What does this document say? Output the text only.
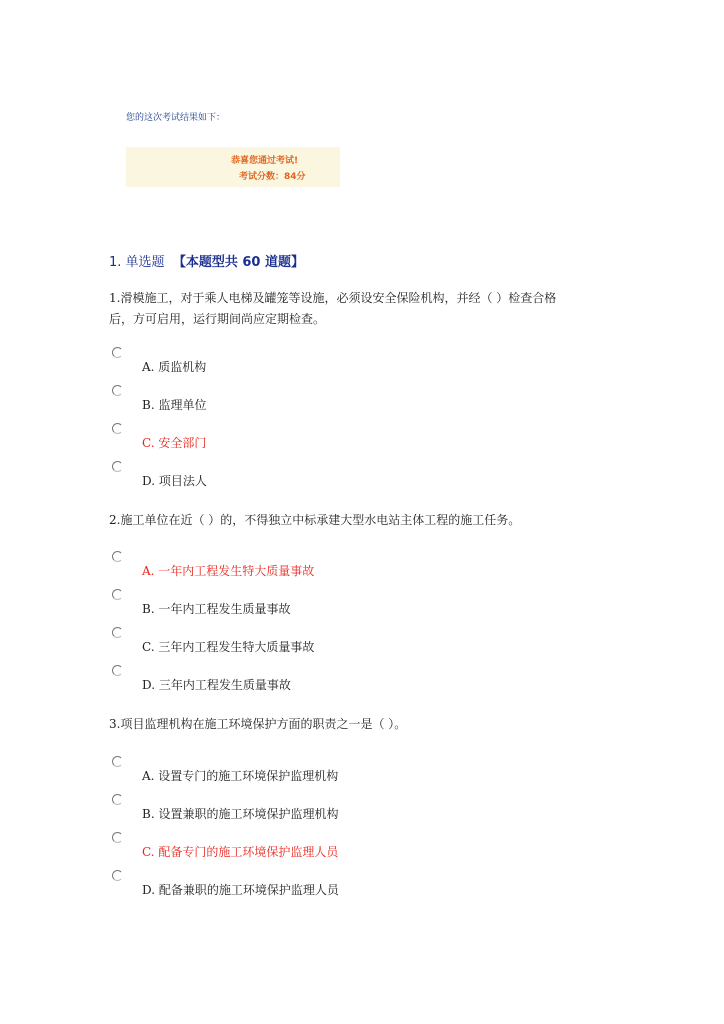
您的这次考试结果如下：
恭喜您通过考试!
考试分数：84分
1. 单选题 【本题型共 60 道题】
1.滑模施工，对于乘人电梯及罐笼等设施，必须设安全保险机构，并经（ ）检查合格
后，方可启用，运行期间尚应定期检查。
A. 质监机构
B. 监理单位
C. 安全部门
D. 项目法人
2.施工单位在近（ ）的，不得独立中标承建大型水电站主体工程的施工任务。
A. 一年内工程发生特大质量事故
B. 一年内工程发生质量事故
C. 三年内工程发生特大质量事故
D. 三年内工程发生质量事故
3.项目监理机构在施工环境保护方面的职责之一是（ ）。
A. 设置专门的施工环境保护监理机构
B. 设置兼职的施工环境保护监理机构
C. 配备专门的施工环境保护监理人员
D. 配备兼职的施工环境保护监理人员
